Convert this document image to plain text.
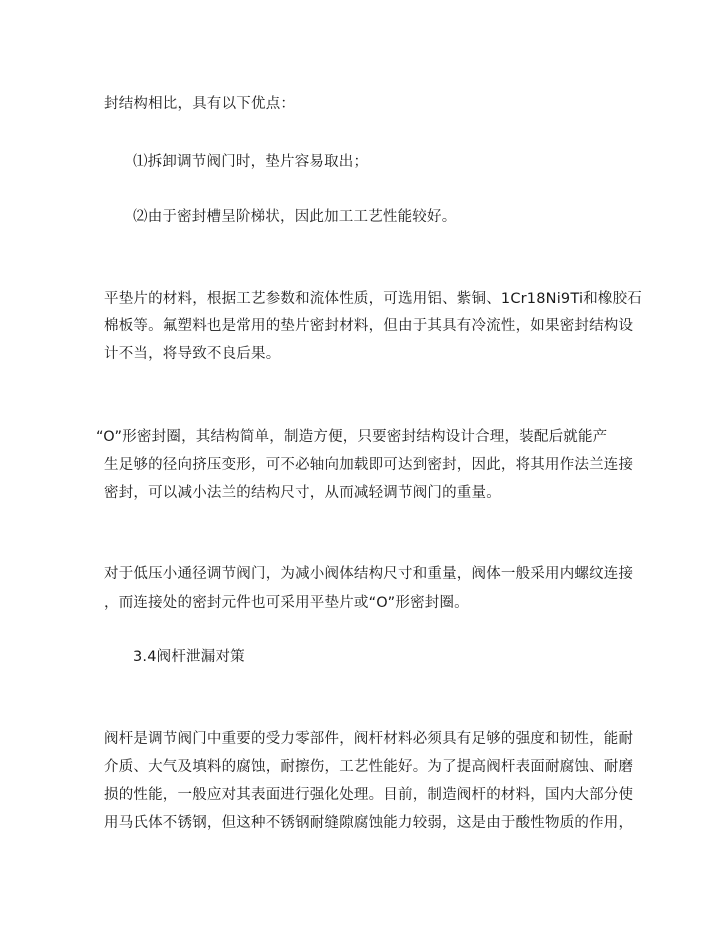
封结构相比，具有以下优点：
⑴拆卸调节阀门时，垫片容易取出；
⑵由于密封槽呈阶梯状，因此加工工艺性能较好。
平垫片的材料，根据工艺参数和流体性质，可选用铝、紫铜、1Cr18Ni9Ti和橡胶石
棉板等。氟塑料也是常用的垫片密封材料，但由于其具有冷流性，如果密封结构设
计不当，将导致不良后果。
“O”形密封圈，其结构简单，制造方便，只要密封结构设计合理，装配后就能产
生足够的径向挤压变形，可不必轴向加载即可达到密封，因此，将其用作法兰连接
密封，可以减小法兰的结构尺寸，从而减轻调节阀门的重量。
对于低压小通径调节阀门，为减小阀体结构尺寸和重量，阀体一般采用内螺纹连接
，而连接处的密封元件也可采用平垫片或“O”形密封圈。
3.4阀杆泄漏对策
阀杆是调节阀门中重要的受力零部件，阀杆材料必须具有足够的强度和韧性，能耐
介质、大气及填料的腐蚀，耐擦伤，工艺性能好。为了提高阀杆表面耐腐蚀、耐磨
损的性能，一般应对其表面进行强化处理。目前，制造阀杆的材料，国内大部分使
用马氏体不锈钢，但这种不锈钢耐缝隙腐蚀能力较弱，这是由于酸性物质的作用，
